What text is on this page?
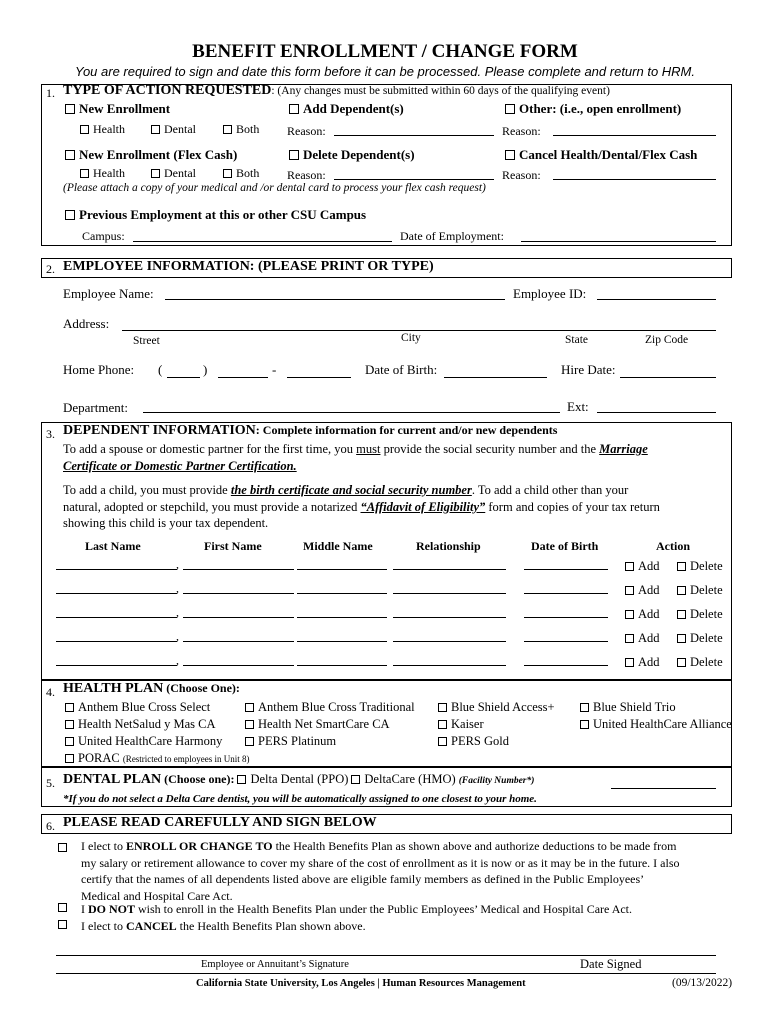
BENEFIT ENROLLMENT / CHANGE FORM
You are required to sign and date this form before it can be processed. Please complete and return to HRM.
1. TYPE OF ACTION REQUESTED: (Any changes must be submitted within 60 days of the qualifying event)
New Enrollment	Add Dependent(s)	Other: (i.e., open enrollment)
Health	Dental	Both Reason:	Reason:
New Enrollment (Flex Cash)	Delete Dependent(s)	Cancel Health/Dental/Flex Cash
Health	Dental	Both Reason:	Reason:
(Please attach a copy of your medical and /or dental card to process your flex cash request)
Previous Employment at this or other CSU Campus
Campus:	Date of Employment:
2. EMPLOYEE INFORMATION: (PLEASE PRINT OR TYPE)
Employee Name:	Employee ID:
Address:
Street	City	State	Zip Code
Home Phone: (	)	-	Date of Birth:	Hire Date:
Department:	Ext:
3. DEPENDENT INFORMATION: Complete information for current and/or new dependents
To add a spouse or domestic partner for the first time, you must provide the social security number and the Marriage
Certificate or Domestic Partner Certification.
To add a child, you must provide the birth certificate and social security number. To add a child other than your
natural, adopted or stepchild, you must provide a notarized “Affidavit of Eligibility” form and copies of your tax return
showing this child is your tax dependent.
Last Name	First Name	Middle Name	Relationship	Date of Birth	Action
,	Add	Delete
,	Add	Delete
,	Add	Delete
,	Add	Delete
,	Add	Delete
4. HEALTH PLAN (Choose One):
Anthem Blue Cross Select	Anthem Blue Cross Traditional	Blue Shield Access+	Blue Shield Trio
Health NetSalud y Mas CA	Health Net SmartCare CA	Kaiser	United HealthCare Alliance
United HealthCare Harmony	PERS Platinum	PERS Gold
PORAC (Restricted to employees in Unit 8)
5. DENTAL PLAN (Choose one): Delta Dental (PPO) DeltaCare (HMO) (Facility Number*)
*If you do not select a Delta Care dentist, you will be automatically assigned to one closest to your home.
6. PLEASE READ CAREFULLY AND SIGN BELOW
I elect to ENROLL OR CHANGE TO the Health Benefits Plan as shown above and authorize deductions to be made from
my salary or retirement allowance to cover my share of the cost of enrollment as it is now or as it may be in the future. I also
certify that the names of all dependents listed above are eligible family members as defined in the Public Employees’
Medical and Hospital Care Act.
I DO NOT wish to enroll in the Health Benefits Plan under the Public Employees’ Medical and Hospital Care Act.
I elect to CANCEL the Health Benefits Plan shown above.
Employee or Annuitant’s Signature	Date Signed
California State University, Los Angeles | Human Resources Management	(09/13/2022)
